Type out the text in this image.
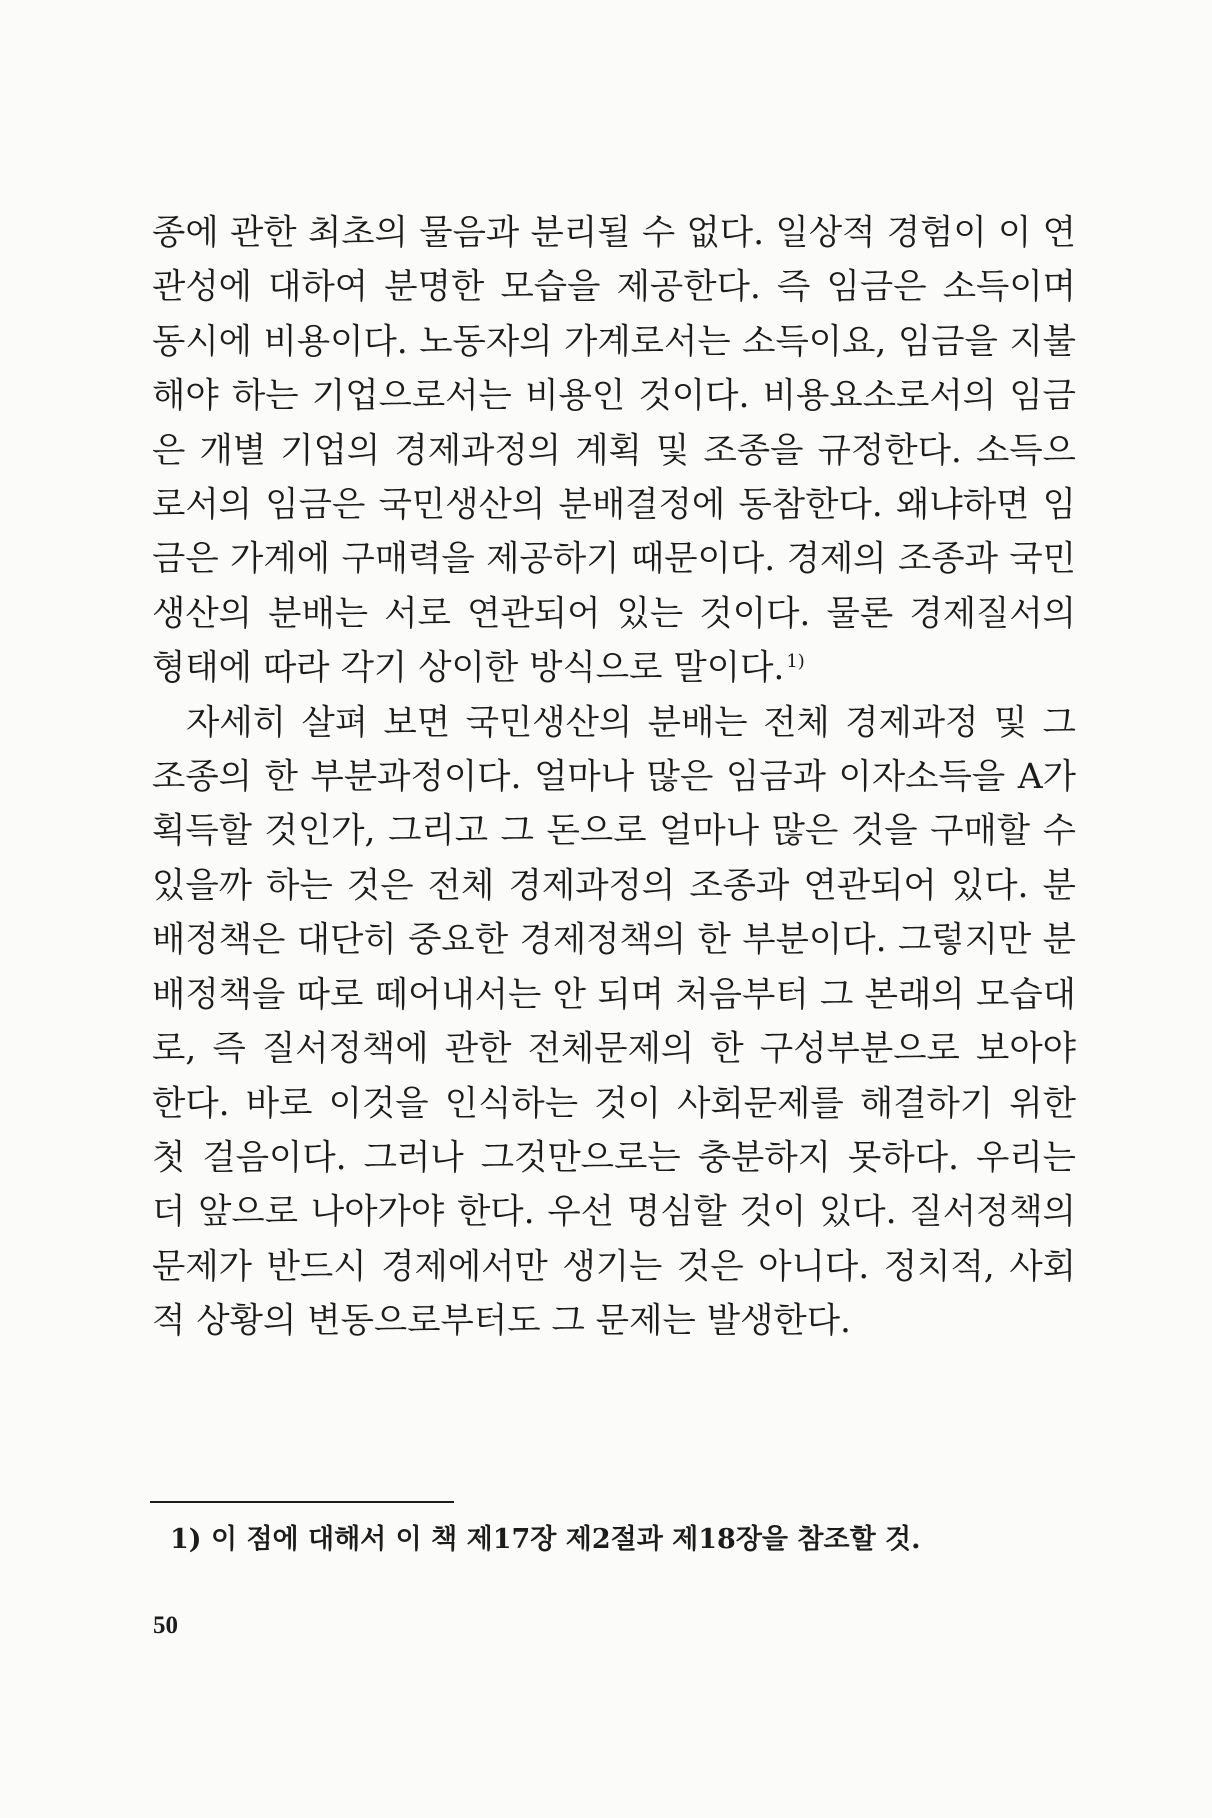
종에 관한 최초의 물음과 분리될 수 없다. 일상적 경험이 이 연관성에 대하여 분명한 모습을 제공한다. 즉 임금은 소득이며 동시에 비용이다. 노동자의 가계로서는 소득이요, 임금을 지불해야 하는 기업으로서는 비용인 것이다. 비용요소로서의 임금은 개별 기업의 경제과정의 계획 및 조종을 규정한다. 소득으로서의 임금은 국민생산의 분배결정에 동참한다. 왜냐하면 임금은 가계에 구매력을 제공하기 때문이다. 경제의 조종과 국민생산의 분배는 서로 연관되어 있는 것이다. 물론 경제질서의 형태에 따라 각기 상이한 방식으로 말이다. $^{1)}$

자세히 살펴 보면 국민생산의 분배는 전체 경제과정 및 그 조종의 한 부분과정이다. 얼마나 많은 임금과 이자소득을 A가 획득할 것인가, 그리고 그 돈으로 얼마나 많은 것을 구매할 수 있을까 하는 것은 전체 경제과정의 조종과 연관되어 있다. 분배정책은 대단히 중요한 경제정책의 한 부분이다. 그렇지만 분배정책을 따로 떼어내서는 안 되며 처음부터 그 본래의 모습대로, 즉 질서정책에 관한 전체문제의 한 구성부분으로 보아야 한다. 바로 이것을 인식하는 것이 사회문제를 해결하기 위한 첫 걸음이다. 그러나 그것만으로는 충분하지 못하다. 우리는 더 앞으로 나아가야 한다. 우선 명심할 것이 있다. 질서정책의 문제가 반드시 경제에서만 생기는 것은 아니다. 정치적, 사회적 상황의 변동으로부터도 그 문제는 발생한다.

1) 이 점에 대해서 이 책 제17장 제2절과 제18장을 참조할 것.
50
